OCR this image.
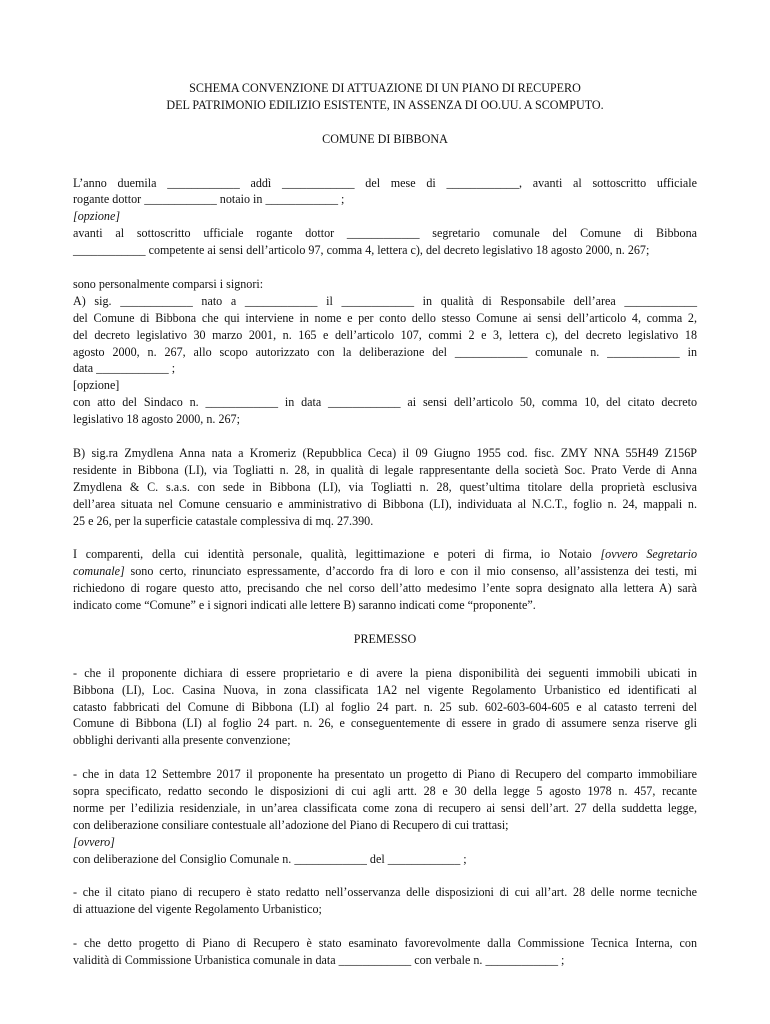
SCHEMA CONVENZIONE DI ATTUAZIONE DI UN PIANO DI RECUPERO

DEL PATRIMONIO EDILIZIO ESISTENTE, IN ASSENZA DI OO.UU. A SCOMPUTO.

COMUNE DI BIBBONA

L’anno duemila ____________ addì ____________ del mese di ____________, avanti al sottoscritto ufficiale

rogante dottor ____________ notaio in ____________ ;

[opzione]

avanti al sottoscritto ufficiale rogante dottor ____________ segretario comunale del Comune di Bibbona

____________ competente ai sensi dell’articolo 97, comma 4, lettera c), del decreto legislativo 18 agosto 2000, n. 267;

sono personalmente comparsi i signori:

A) sig. ____________ nato a ____________ il ____________ in qualità di Responsabile dell’area ____________

del Comune di Bibbona che qui interviene in nome e per conto dello stesso Comune ai sensi dell’articolo 4, comma 2,

del decreto legislativo 30 marzo 2001, n. 165 e dell’articolo 107, commi 2 e 3, lettera c), del decreto legislativo 18

agosto 2000, n. 267, allo scopo autorizzato con la deliberazione del ____________ comunale n. ____________ in

data ____________ ;

[opzione]

con atto del Sindaco n. ____________ in data ____________ ai sensi dell’articolo 50, comma 10, del citato decreto

legislativo 18 agosto 2000, n. 267;

B) sig.ra Zmydlena Anna nata a Kromeriz (Repubblica Ceca) il 09 Giugno 1955 cod. fisc. ZMY NNA 55H49 Z156P

residente in Bibbona (LI), via Togliatti n. 28, in qualità di legale rappresentante della società Soc. Prato Verde di Anna

Zmydlena & C. s.a.s. con sede in Bibbona (LI), via Togliatti n. 28, quest’ultima titolare della proprietà esclusiva

dell’area situata nel Comune censuario e amministrativo di Bibbona (LI), individuata al N.C.T., foglio n. 24, mappali n.

25 e 26, per la superficie catastale complessiva di mq. 27.390.

I comparenti, della cui identità personale, qualità, legittimazione e poteri di firma, io Notaio [ovvero Segretario

comunale] sono certo, rinunciato espressamente, d’accordo fra di loro e con il mio consenso, all’assistenza dei testi, mi

richiedono di rogare questo atto, precisando che nel corso dell’atto medesimo l’ente sopra designato alla lettera A) sarà

indicato come “Comune” e i signori indicati alle lettere B) saranno indicati come “proponente”.

PREMESSO

- che il proponente dichiara di essere proprietario e di avere la piena disponibilità dei seguenti immobili ubicati in

Bibbona (LI), Loc. Casina Nuova, in zona classificata 1A2 nel vigente Regolamento Urbanistico ed identificati al

catasto fabbricati del Comune di Bibbona (LI) al foglio 24 part. n. 25 sub. 602-603-604-605 e al catasto terreni del

Comune di Bibbona (LI) al foglio 24 part. n. 26, e conseguentemente di essere in grado di assumere senza riserve gli

obblighi derivanti alla presente convenzione;

- che in data 12 Settembre 2017 il proponente ha presentato un progetto di Piano di Recupero del comparto immobiliare

sopra specificato, redatto secondo le disposizioni di cui agli artt. 28 e 30 della legge 5 agosto 1978 n. 457, recante

norme per l’edilizia residenziale, in un’area classificata come zona di recupero ai sensi dell’art. 27 della suddetta legge,

con deliberazione consiliare contestuale all’adozione del Piano di Recupero di cui trattasi;

[ovvero]

con deliberazione del Consiglio Comunale n. ____________ del ____________ ;

- che il citato piano di recupero è stato redatto nell’osservanza delle disposizioni di cui all’art. 28 delle norme tecniche

di attuazione del vigente Regolamento Urbanistico;

- che detto progetto di Piano di Recupero è stato esaminato favorevolmente dalla Commissione Tecnica Interna, con

validità di Commissione Urbanistica comunale in data ____________ con verbale n. ____________ ;
